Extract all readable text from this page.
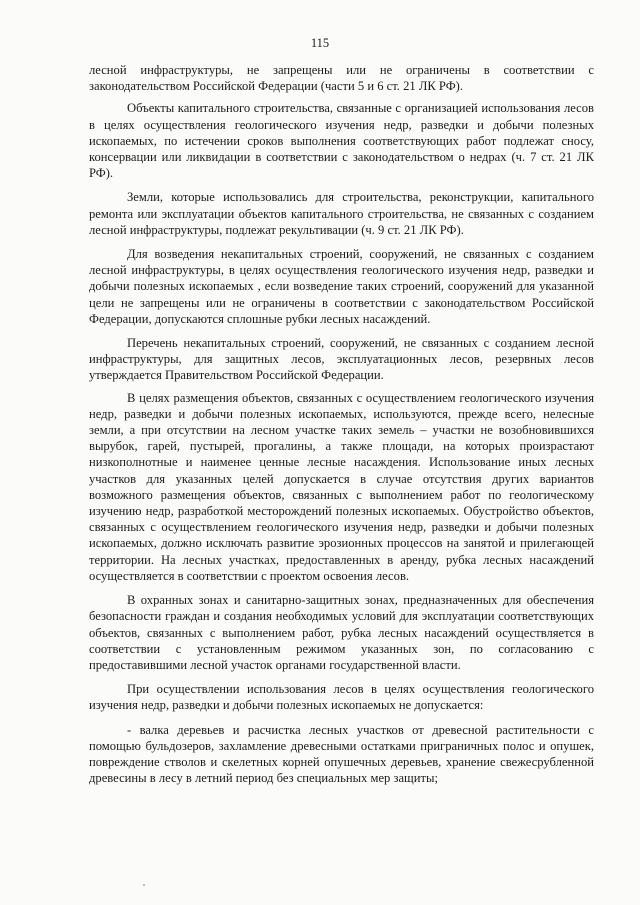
115

лесной инфраструктуры, не запрещены или не ограничены в соответствии с законодательством Российской Федерации (части 5 и 6 ст. 21 ЛК РФ).

Объекты капитального строительства, связанные с организацией использования лесов в целях осуществления геологического изучения недр, разведки и добычи полезных ископаемых, по истечении сроков выполнения соответствующих работ подлежат сносу, консервации или ликвидации в соответствии с законодательством о недрах (ч. 7 ст. 21 ЛК РФ).

Земли, которые использовались для строительства, реконструкции, капитального ремонта или эксплуатации объектов капитального строительства, не связанных с созданием лесной инфраструктуры, подлежат рекультивации (ч. 9 ст. 21 ЛК РФ).

Для возведения некапитальных строений, сооружений, не связанных с созданием лесной инфраструктуры, в целях осуществления геологического изучения недр, разведки и добычи полезных ископаемых , если возведение таких строений, сооружений для указанной цели не запрещены или не ограничены в соответствии с законодательством Российской Федерации, допускаются сплошные рубки лесных насаждений.

Перечень некапитальных строений, сооружений, не связанных с созданием лесной инфраструктуры, для защитных лесов, эксплуатационных лесов, резервных лесов утверждается Правительством Российской Федерации.

В целях размещения объектов, связанных с осуществлением геологического изучения недр, разведки и добычи полезных ископаемых, используются, прежде всего, нелесные земли, а при отсутствии на лесном участке таких земель – участки не возобновившихся вырубок, гарей, пустырей, прогалины, а также площади, на которых произрастают низкополнотные и наименее ценные лесные насаждения. Использование иных лесных участков для указанных целей допускается в случае отсутствия других вариантов возможного размещения объектов, связанных с выполнением работ по геологическому изучению недр, разработкой месторождений полезных ископаемых. Обустройство объектов, связанных с осуществлением геологического изучения недр, разведки и добычи полезных ископаемых, должно исключать развитие эрозионных процессов на занятой и прилегающей территории. На лесных участках, предоставленных в аренду, рубка лесных насаждений осуществляется в соответствии с проектом освоения лесов.

В охранных зонах и санитарно-защитных зонах, предназначенных для обеспечения безопасности граждан и создания необходимых условий для эксплуатации соответствующих объектов, связанных с выполнением работ, рубка лесных насаждений осуществляется в соответствии с установленным режимом указанных зон, по согласованию с предоставившими лесной участок органами государственной власти.

При осуществлении использования лесов в целях осуществления геологического изучения недр, разведки и добычи полезных ископаемых не допускается:

- валка деревьев и расчистка лесных участков от древесной растительности с помощью бульдозеров, захламление древесными остатками приграничных полос и опушек, повреждение стволов и скелетных корней опушечных деревьев, хранение свежесрубленной древесины в лесу в летний период без специальных мер защиты;
